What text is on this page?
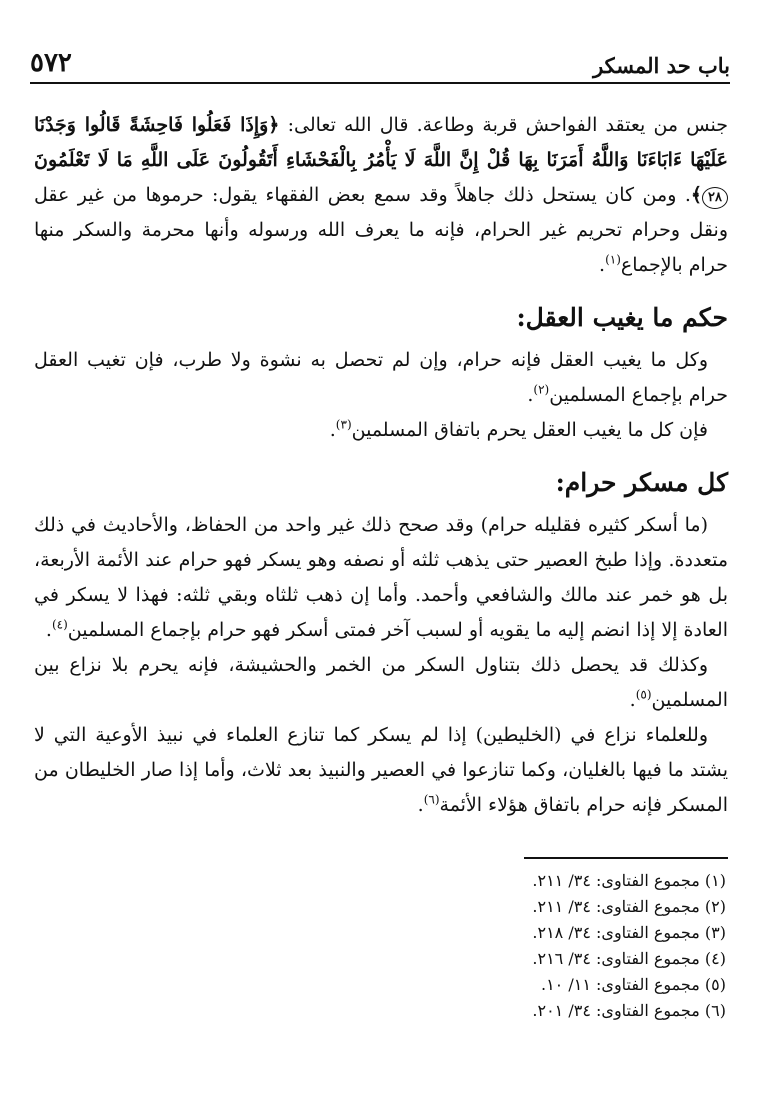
باب حد المسكر
٥٧٢

جنس من يعتقد الفواحش قربة وطاعة. قال الله تعالى: ﴿وَإِذَا فَعَلُوا فَاحِشَةً قَالُوا وَجَدْنَا عَلَيْهَا ءَابَاءَنَا وَاللَّهُ أَمَرَنَا بِهَا قُلْ إِنَّ اللَّهَ لَا يَأْمُرُ بِالْفَحْشَاءِ أَتَقُولُونَ عَلَى اللَّهِ مَا لَا تَعْلَمُونَ ٢٨﴾. ومن كان يستحل ذلك جاهلاً وقد سمع بعض الفقهاء يقول: حرموها من غير عقل ونقل وحرام تحريم غير الحرام، فإنه ما يعرف الله ورسوله وأنها محرمة والسكر منها حرام بالإجماع$^{(١)}$.

حكم ما يغيب العقل:

وكل ما يغيب العقل فإنه حرام، وإن لم تحصل به نشوة ولا طرب، فإن تغيب العقل حرام بإجماع المسلمين$^{(٢)}$.

فإن كل ما يغيب العقل يحرم باتفاق المسلمين$^{(٣)}$.

كل مسكر حرام:

(ما أسكر كثيره فقليله حرام) وقد صحح ذلك غير واحد من الحفاظ، والأحاديث في ذلك متعددة. وإذا طبخ العصير حتى يذهب ثلثه أو نصفه وهو يسكر فهو حرام عند الأئمة الأربعة، بل هو خمر عند مالك والشافعي وأحمد. وأما إن ذهب ثلثاه وبقي ثلثه: فهذا لا يسكر في العادة إلا إذا انضم إليه ما يقويه أو لسبب آخر فمتى أسكر فهو حرام بإجماع المسلمين$^{(٤)}$.

وكذلك قد يحصل ذلك بتناول السكر من الخمر والحشيشة، فإنه يحرم بلا نزاع بين المسلمين$^{(٥)}$.

وللعلماء نزاع في (الخليطين) إذا لم يسكر كما تنازع العلماء في نبيذ الأوعية التي لا يشتد ما فيها بالغليان، وكما تنازعوا في العصير والنبيذ بعد ثلاث، وأما إذا صار الخليطان من المسكر فإنه حرام باتفاق هؤلاء الأئمة$^{(٦)}$.

(١) مجموع الفتاوى: ٣٤/ ٢١١.
(٢) مجموع الفتاوى: ٣٤/ ٢١١.
(٣) مجموع الفتاوى: ٣٤/ ٢١٨.
(٤) مجموع الفتاوى: ٣٤/ ٢١٦.
(٥) مجموع الفتاوى: ١١/ ١٠.
(٦) مجموع الفتاوى: ٣٤/ ٢٠١.
